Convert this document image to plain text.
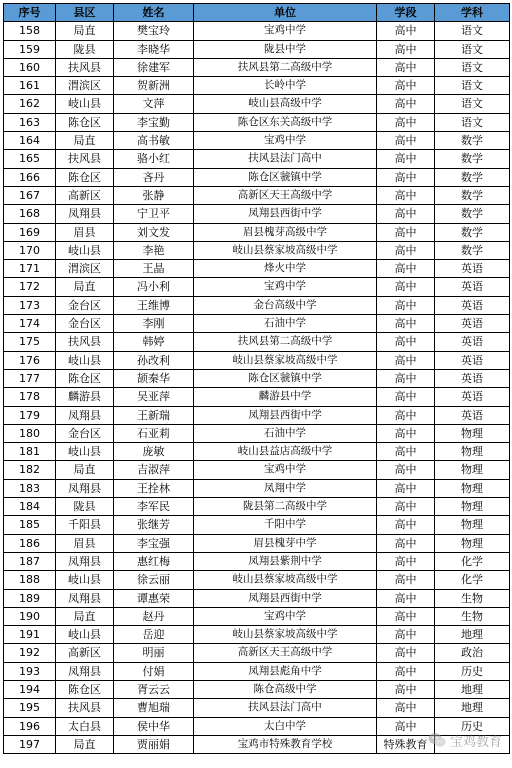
序号	县区	姓名	单位	学段	学科
158	局直	樊宝玲	宝鸡中学	高中	语文
159	陇县	李晓华	陇县中学	高中	语文
160	扶风县	徐建军	扶风县第二高级中学	高中	语文
161	渭滨区	贺新洲	长岭中学	高中	语文
162	岐山县	文萍	岐山县高级中学	高中	语文
163	陈仓区	李宝勤	陈仓区东关高级中学	高中	语文
164	局直	高书敏	宝鸡中学	高中	数学
165	扶风县	骆小红	扶风县法门高中	高中	数学
166	陈仓区	吝丹	陈仓区虢镇中学	高中	数学
167	高新区	张静	高新区天王高级中学	高中	数学
168	凤翔县	宁卫平	凤翔县西街中学	高中	数学
169	眉县	刘文发	眉县槐芽高级中学	高中	数学
170	岐山县	李艳	岐山县蔡家坡高级中学	高中	数学
171	渭滨区	王晶	烽火中学	高中	英语
172	局直	冯小利	宝鸡中学	高中	英语
173	金台区	王维博	金台高级中学	高中	英语
174	金台区	李刚	石油中学	高中	英语
175	扶风县	韩婷	扶风县第二高级中学	高中	英语
176	岐山县	孙改利	岐山县蔡家坡高级中学	高中	英语
177	陈仓区	颉秦华	陈仓区虢镇中学	高中	英语
178	麟游县	吴亚萍	麟游县中学	高中	英语
179	凤翔县	王新瑞	凤翔县西街中学	高中	英语
180	金台区	石亚莉	石油中学	高中	物理
181	岐山县	庞敏	岐山县益店高级中学	高中	物理
182	局直	吉淑萍	宝鸡中学	高中	物理
183	凤翔县	王拴林	凤翔中学	高中	物理
184	陇县	李军民	陇县第二高级中学	高中	物理
185	千阳县	张继芳	千阳中学	高中	物理
186	眉县	李宝强	眉县槐芽中学	高中	物理
187	凤翔县	惠红梅	凤翔县紫荆中学	高中	化学
188	岐山县	徐云丽	岐山县蔡家坡高级中学	高中	化学
189	凤翔县	谭惠荣	凤翔县西街中学	高中	生物
190	局直	赵丹	宝鸡中学	高中	生物
191	岐山县	岳迎	岐山县蔡家坡高级中学	高中	地理
192	高新区	明丽	高新区天王高级中学	高中	政治
193	凤翔县	付娟	凤翔县彪角中学	高中	历史
194	陈仓区	胥云云	陈仓高级中学	高中	地理
195	扶风县	曹旭瑞	扶风县法门高中	高中	地理
196	太白县	侯中华	太白中学	高中	历史
197	局直	贾丽娟	宝鸡市特殊教育学校	特殊教育	宝鸡教育
